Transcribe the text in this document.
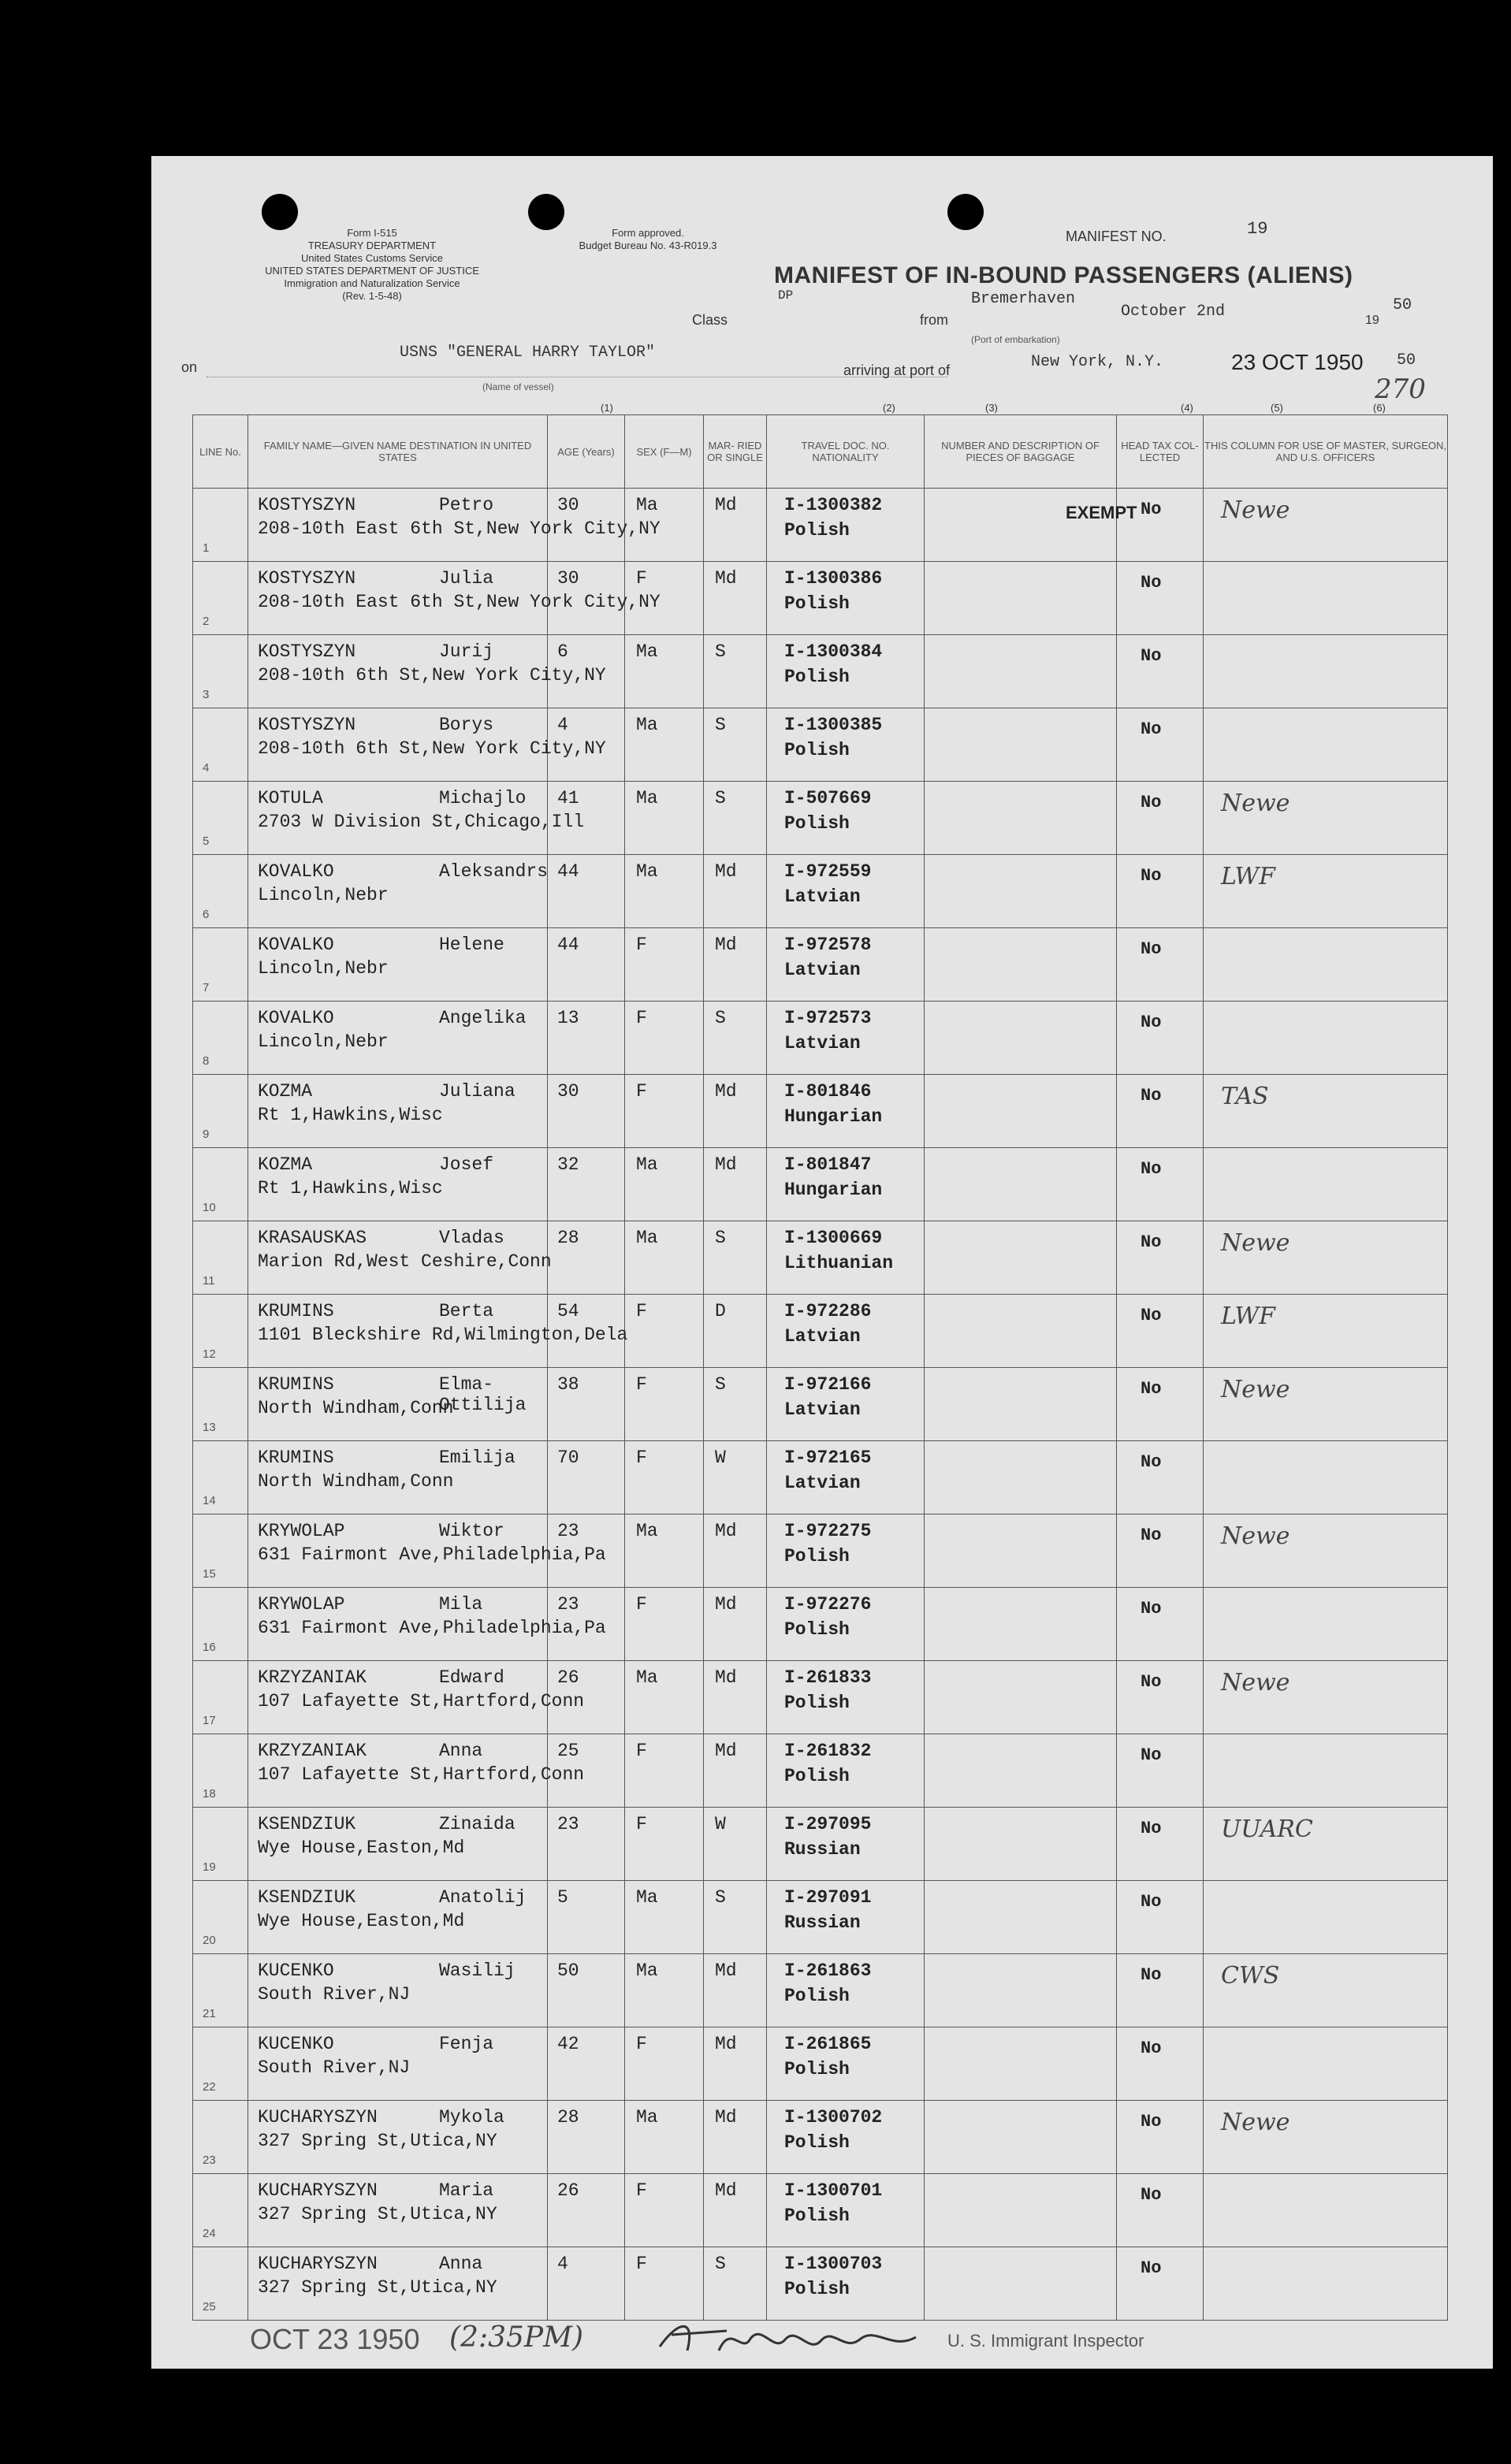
Form I-515
TREASURY DEPARTMENT
United States Customs Service
UNITED STATES DEPARTMENT OF JUSTICE
Immigration and Naturalization Service
(Rev. 1-5-48)
Form approved.
Budget Bureau No. 43-R019.3
MANIFEST NO.	19
MANIFEST OF IN-BOUND PASSENGERS (ALIENS)
Class
DP
from
Bremerhaven
October 2nd	19
50
(Port of embarkation)
USNS "GENERAL HARRY TAYLOR"
on
(Name of vessel)
arriving at port of	New York, N.Y.	23 OCT 1950 50
270
(1)	(2)	(3)	(4)	(5)	(6)
LINE No.	FAMILY NAME—GIVEN NAME DESTINATION IN UNITED STATES	AGE (Years)	SEX (F—M)	MAR- RIED OR SINGLE	TRAVEL DOC. NO. NATIONALITY	NUMBER AND DESCRIPTION OF PIECES OF BAGGAGE	HEAD TAX COL- LECTED	THIS COLUMN FOR USE OF MASTER, SURGEON, AND U.S. OFFICERS

1	KOSTYSZYN Petro
208-10th East 6th St,New York City,NY	30	Ma	Md	I-1300382
Polish		No	Newe

2	KOSTYSZYN Julia
208-10th East 6th St,New York City,NY	30	F	Md	I-1300386
Polish		No	

3	KOSTYSZYN Jurij
208-10th 6th St,New York City,NY	6	Ma	S	I-1300384
Polish		No	

4	KOSTYSZYN Borys
208-10th 6th St,New York City,NY	4	Ma	S	I-1300385
Polish		No	

5	KOTULA Michajlo
2703 W Division St,Chicago,Ill	41	Ma	S	I-507669
Polish		No	Newe

6	KOVALKO Aleksandrs
Lincoln,Nebr	44	Ma	Md	I-972559
Latvian		No	LWF

7	KOVALKO Helene
Lincoln,Nebr	44	F	Md	I-972578
Latvian		No	

8	KOVALKO Angelika
Lincoln,Nebr	13	F	S	I-972573
Latvian		No	

9	KOZMA Juliana
Rt 1,Hawkins,Wisc	30	F	Md	I-801846
Hungarian		No	TAS

10	KOZMA Josef
Rt 1,Hawkins,Wisc	32	Ma	Md	I-801847
Hungarian		No	

11	KRASAUSKAS Vladas
Marion Rd,West Ceshire,Conn	28	Ma	S	I-1300669
Lithuanian		No	Newe

12	KRUMINS Berta
1101 Bleckshire Rd,Wilmington,Dela	54	F	D	I-972286
Latvian		No	LWF

13	KRUMINS Elma-Ottilija
North Windham,Conn	38	F	S	I-972166
Latvian		No	Newe

14	KRUMINS Emilija
North Windham,Conn	70	F	W	I-972165
Latvian		No	

15	KRYWOLAP Wiktor
631 Fairmont Ave,Philadelphia,Pa	23	Ma	Md	I-972275
Polish		No	Newe

16	KRYWOLAP Mila
631 Fairmont Ave,Philadelphia,Pa	23	F	Md	I-972276
Polish		No	

17	KRZYZANIAK Edward
107 Lafayette St,Hartford,Conn	26	Ma	Md	I-261833
Polish		No	Newe

18	KRZYZANIAK Anna
107 Lafayette St,Hartford,Conn	25	F	Md	I-261832
Polish		No	

19	KSENDZIUK Zinaida
Wye House,Easton,Md	23	F	W	I-297095
Russian		No	UUARC

20	KSENDZIUK Anatolij
Wye House,Easton,Md	5	Ma	S	I-297091
Russian		No	

21	KUCENKO Wasilij
South River,NJ	50	Ma	Md	I-261863
Polish		No	CWS

22	KUCENKO Fenja
South River,NJ	42	F	Md	I-261865
Polish		No	

23	KUCHARYSZYN Mykola
327 Spring St,Utica,NY	28	Ma	Md	I-1300702
Polish		No	Newe

24	KUCHARYSZYN Maria
327 Spring St,Utica,NY	26	F	Md	I-1300701
Polish		No	

25	KUCHARYSZYN Anna
327 Spring St,Utica,NY	4	F	S	I-1300703
Polish		No	

EXEMPT
OCT 23 1950 (2:35PM)	U. S. Immigrant Inspector
